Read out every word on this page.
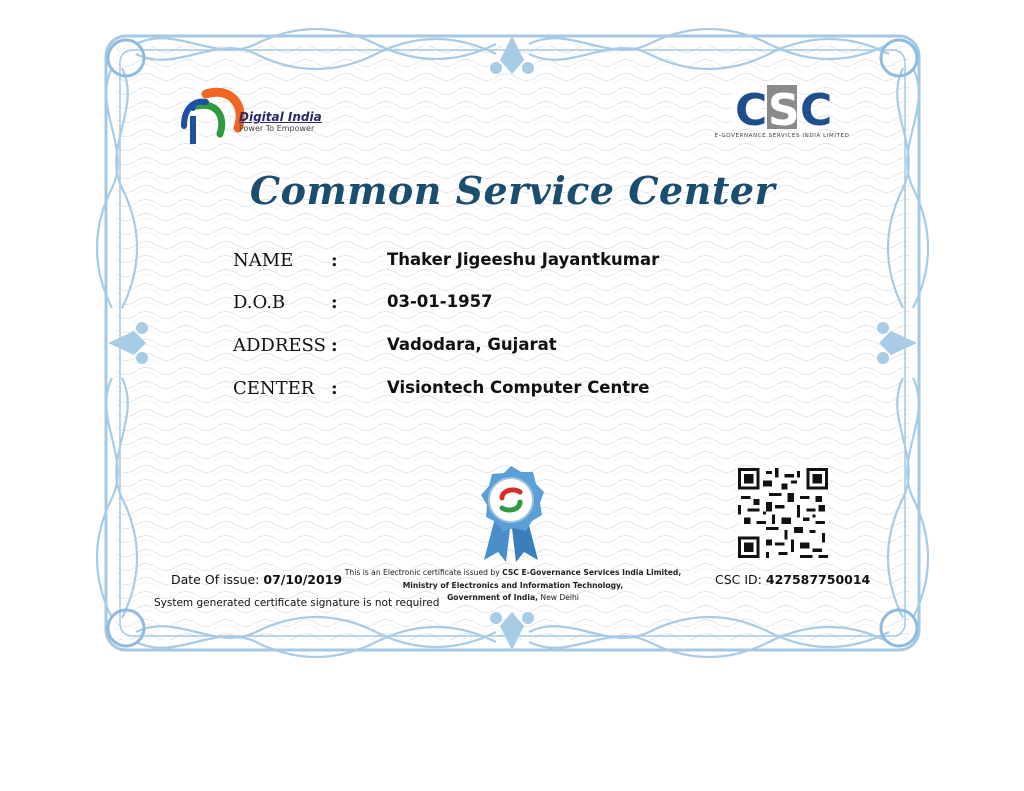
Digital India
Power To Empower	C S C
E-GOVERNANCE SERVICES INDIA LIMITED
Common Service Center
NAME :	Thaker Jigeeshu Jayantkumar
D.O.B	:	03-01-1957
ADDRESS :	Vadodara, Gujarat
CENTER :	Visiontech Computer Centre
Date Of issue: 07/10/2019
System generated certificate signature is not required
This is an Electronic certificate issued by CSC E-Governance Services India Limited,
Ministry of Electronics and Information Technology,
Government of India, New Delhi
CSC ID: 427587750014
